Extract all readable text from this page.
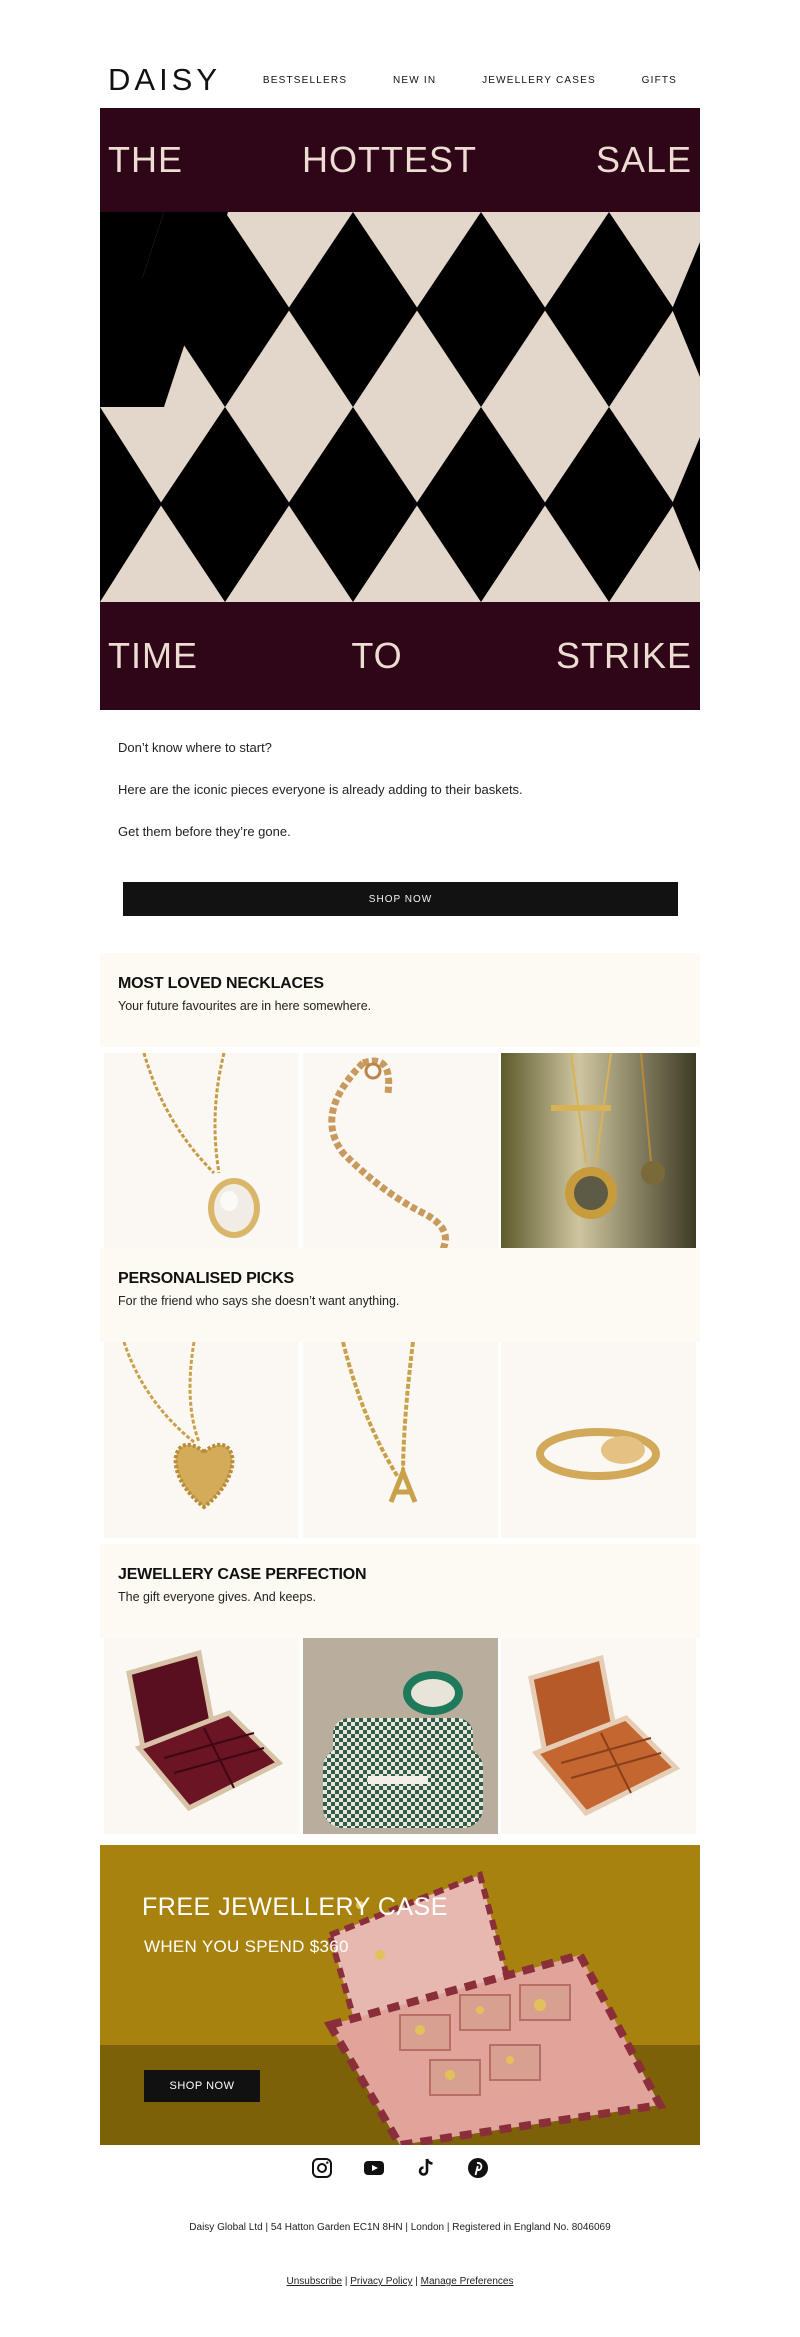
DAISY	BESTSELLERS	NEW IN	JEWELLERY CASES	GIFTS
THE	HOTTEST	SALE
TIME	TO	STRIKE

Don’t know where to start?

Here are the iconic pieces everyone is already adding to their baskets.

Get them before they’re gone.

SHOP NOW
MOST LOVED NECKLACES
Your future favourites are in here somewhere.
PERSONALISED PICKS
For the friend who says she doesn’t want anything.
JEWELLERY CASE PERFECTION
The gift everyone gives. And keeps.
FREE JEWELLERY CASE
WHEN YOU SPEND $360
SHOP NOW
Daisy Global Ltd | 54 Hatton Garden EC1N 8HN | London | Registered in England No. 8046069
Unsubscribe | Privacy Policy | Manage Preferences
